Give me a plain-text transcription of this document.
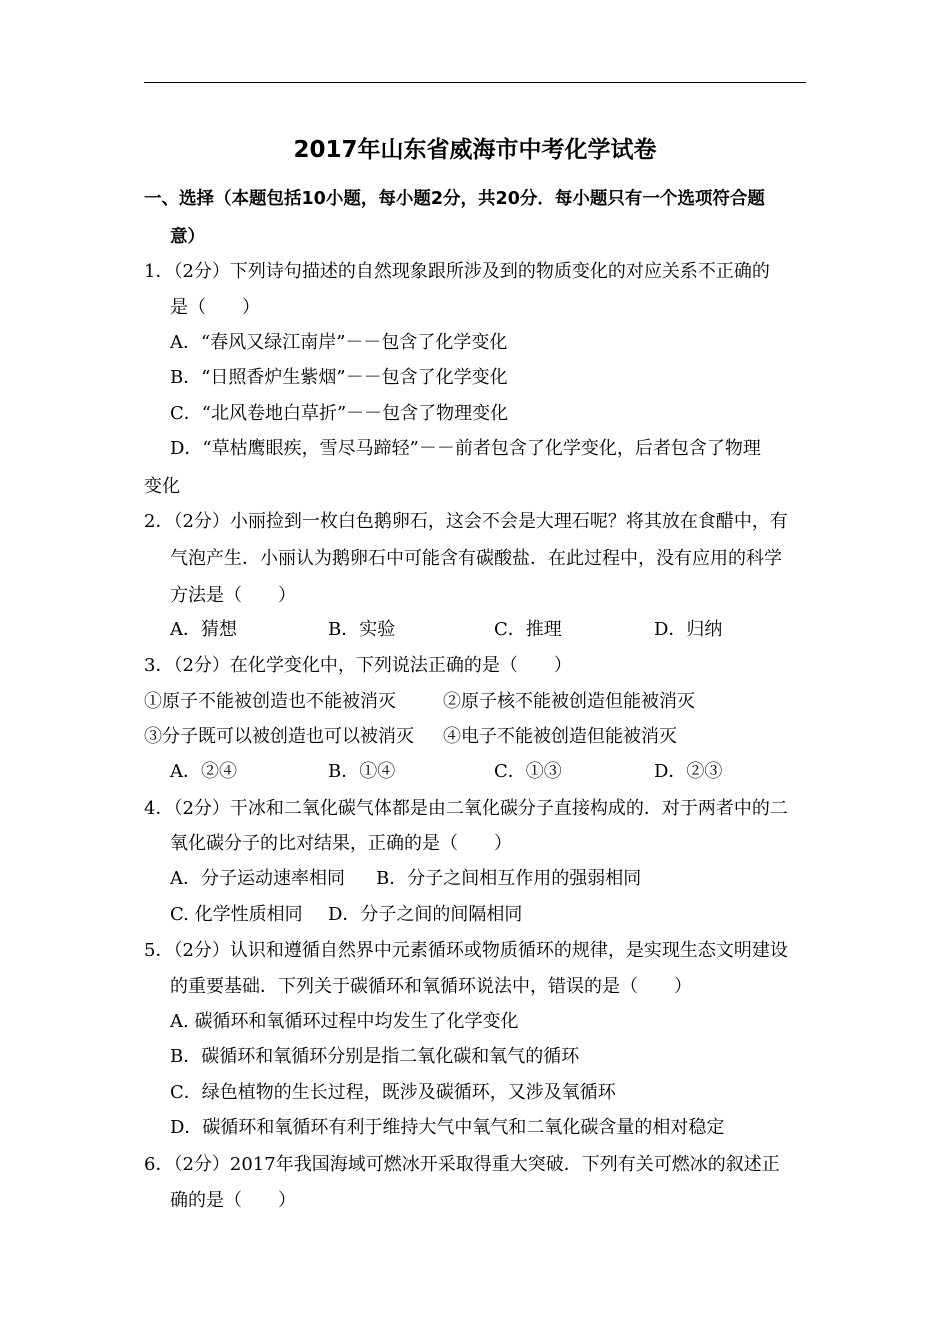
2017年山东省威海市中考化学试卷
一、选择（本题包括10小题，每小题2分，共20分．每小题只有一个选项符合题
意）
1．（2分）下列诗句描述的自然现象跟所涉及到的物质变化的对应关系不正确的
是（　　）
A．“春风又绿江南岸”－－包含了化学变化
B．“日照香炉生紫烟”－－包含了化学变化
C．“北风卷地白草折”－－包含了物理变化
D．“草枯鹰眼疾，雪尽马蹄轻”－－前者包含了化学变化，后者包含了物理
变化
2．（2分）小丽捡到一枚白色鹅卵石，这会不会是大理石呢？将其放在食醋中，有
气泡产生．小丽认为鹅卵石中可能含有碳酸盐．在此过程中，没有应用的科学
方法是（　　）
A．猜想	B．实验	C．推理	D．归纳
3．（2分）在化学变化中，下列说法正确的是（　　）
①原子不能被创造也不能被消灭	②原子核不能被创造但能被消灭
③分子既可以被创造也可以被消灭 ④电子不能被创造但能被消灭
A．②④	B．①④	C．①③	D．②③
4．（2分）干冰和二氧化碳气体都是由二氧化碳分子直接构成的．对于两者中的二
氧化碳分子的比对结果，正确的是（　　）
A．分子运动速率相同 B．分子之间相互作用的强弱相同
C. 化学性质相同 D．分子之间的间隔相同
5．（2分）认识和遵循自然界中元素循环或物质循环的规律，是实现生态文明建设
的重要基础．下列关于碳循环和氧循环说法中，错误的是（　　）
A. 碳循环和氧循环过程中均发生了化学变化
B．碳循环和氧循环分别是指二氧化碳和氧气的循环
C．绿色植物的生长过程，既涉及碳循环，又涉及氧循环
D．碳循环和氧循环有利于维持大气中氧气和二氧化碳含量的相对稳定
6．（2分）2017年我国海域可燃冰开采取得重大突破．下列有关可燃冰的叙述正
确的是（　　）
